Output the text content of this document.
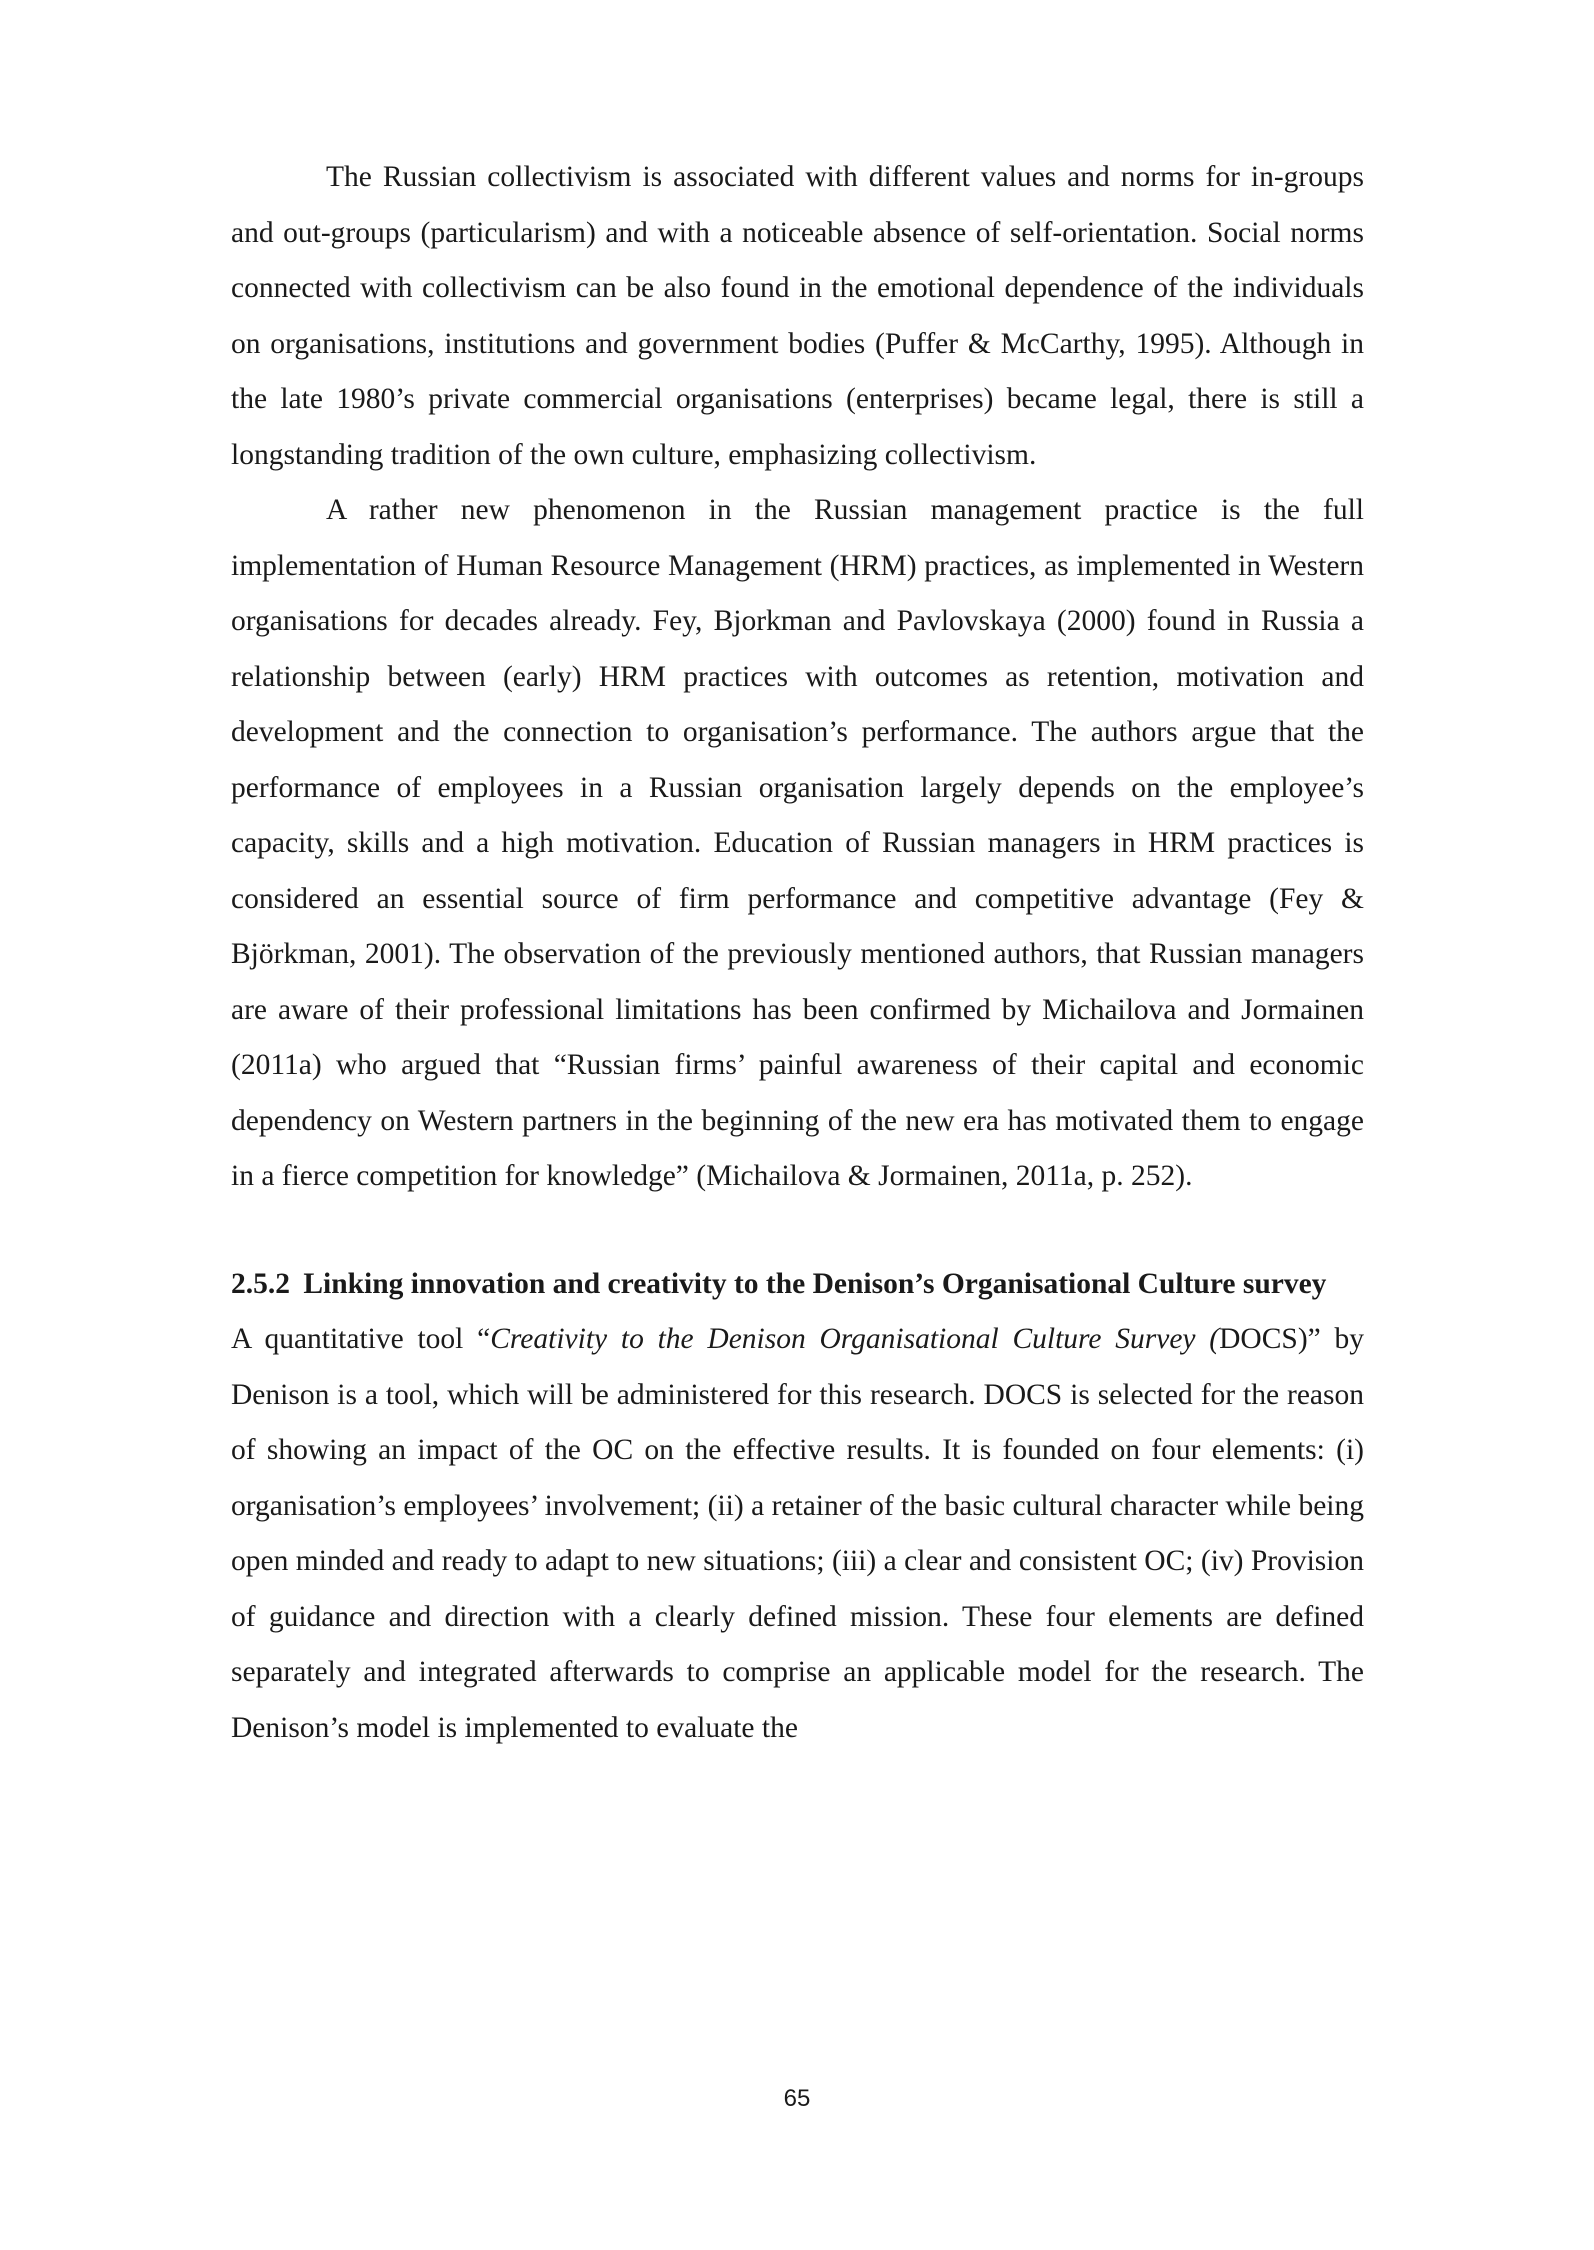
The Russian collectivism is associated with different values and norms for in-groups and out-groups (particularism) and with a noticeable absence of self-orientation. Social norms connected with collectivism can be also found in the emotional dependence of the individuals on organisations, institutions and government bodies (Puffer & McCarthy, 1995). Although in the late 1980’s private commercial organisations (enterprises) became legal, there is still a longstanding tradition of the own culture, emphasizing collectivism.

A rather new phenomenon in the Russian management practice is the full implementation of Human Resource Management (HRM) practices, as implemented in Western organisations for decades already. Fey, Bjorkman and Pavlovskaya (2000) found in Russia a relationship between (early) HRM practices with outcomes as retention, motivation and development and the connection to organisation’s performance. The authors argue that the performance of employees in a Russian organisation largely depends on the employee’s capacity, skills and a high motivation. Education of Russian managers in HRM practices is considered an essential source of firm performance and competitive advantage (Fey & Björkman, 2001). The observation of the previously mentioned authors, that Russian managers are aware of their professional limitations has been confirmed by Michailova and Jormainen (2011a) who argued that “Russian firms’ painful awareness of their capital and economic dependency on Western partners in the beginning of the new era has motivated them to engage in a fierce competition for knowledge” (Michailova & Jormainen, 2011a, p. 252).

2.5.2 Linking innovation and creativity to the Denison’s Organisational Culture survey

A quantitative tool “Creativity to the Denison Organisational Culture Survey (DOCS)” by Denison is a tool, which will be administered for this research. DOCS is selected for the reason of showing an impact of the OC on the effective results. It is founded on four elements: (i) organisation’s employees’ involvement; (ii) a retainer of the basic cultural character while being open minded and ready to adapt to new situations; (iii) a clear and consistent OC; (iv) Provision of guidance and direction with a clearly defined mission. These four elements are defined separately and integrated afterwards to comprise an applicable model for the research. The Denison’s model is implemented to evaluate the

65
